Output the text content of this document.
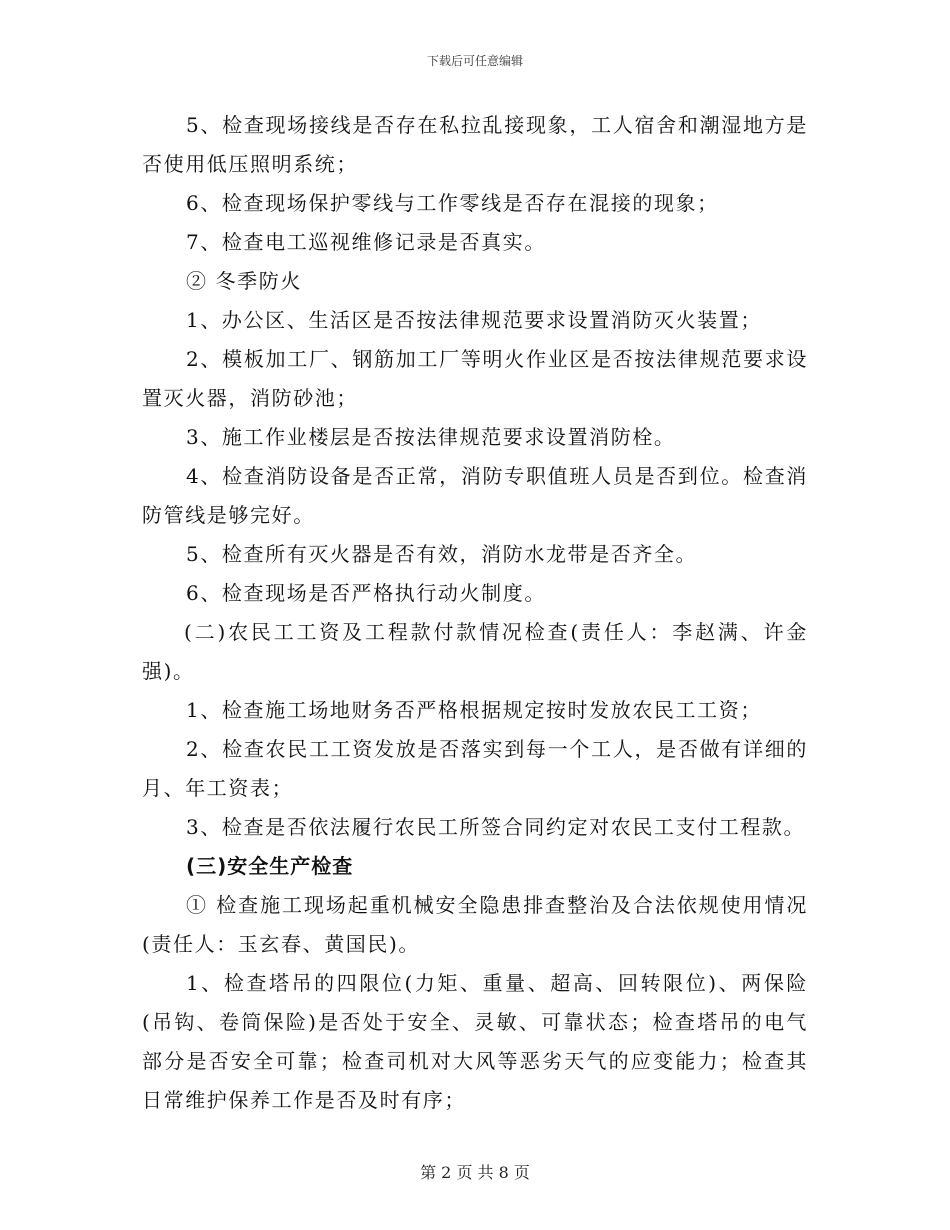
下载后可任意编辑

5、检查现场接线是否存在私拉乱接现象，工人宿舍和潮湿地方是否使用低压照明系统；

6、检查现场保护零线与工作零线是否存在混接的现象；

7、检查电工巡视维修记录是否真实。

② 冬季防火

1、办公区、生活区是否按法律规范要求设置消防灭火装置；

2、模板加工厂、钢筋加工厂等明火作业区是否按法律规范要求设置灭火器，消防砂池；

3、施工作业楼层是否按法律规范要求设置消防栓。

4、检查消防设备是否正常，消防专职值班人员是否到位。检查消防管线是够完好。

5、检查所有灭火器是否有效，消防水龙带是否齐全。

6、检查现场是否严格执行动火制度。

(二)农民工工资及工程款付款情况检查(责任人：李赵满、许金强)。

1、检查施工场地财务否严格根据规定按时发放农民工工资；

2、检查农民工工资发放是否落实到每一个工人，是否做有详细的月、年工资表；

3、检查是否依法履行农民工所签合同约定对农民工支付工程款。

(三)安全生产检查

① 检查施工现场起重机械安全隐患排查整治及合法依规使用情况(责任人：玉玄春、黄国民)。

1、检查塔吊的四限位(力矩、重量、超高、回转限位)、两保险(吊钩、卷筒保险)是否处于安全、灵敏、可靠状态；检查塔吊的电气部分是否安全可靠；检查司机对大风等恶劣天气的应变能力；检查其日常维护保养工作是否及时有序；

第 2 页 共 8 页
